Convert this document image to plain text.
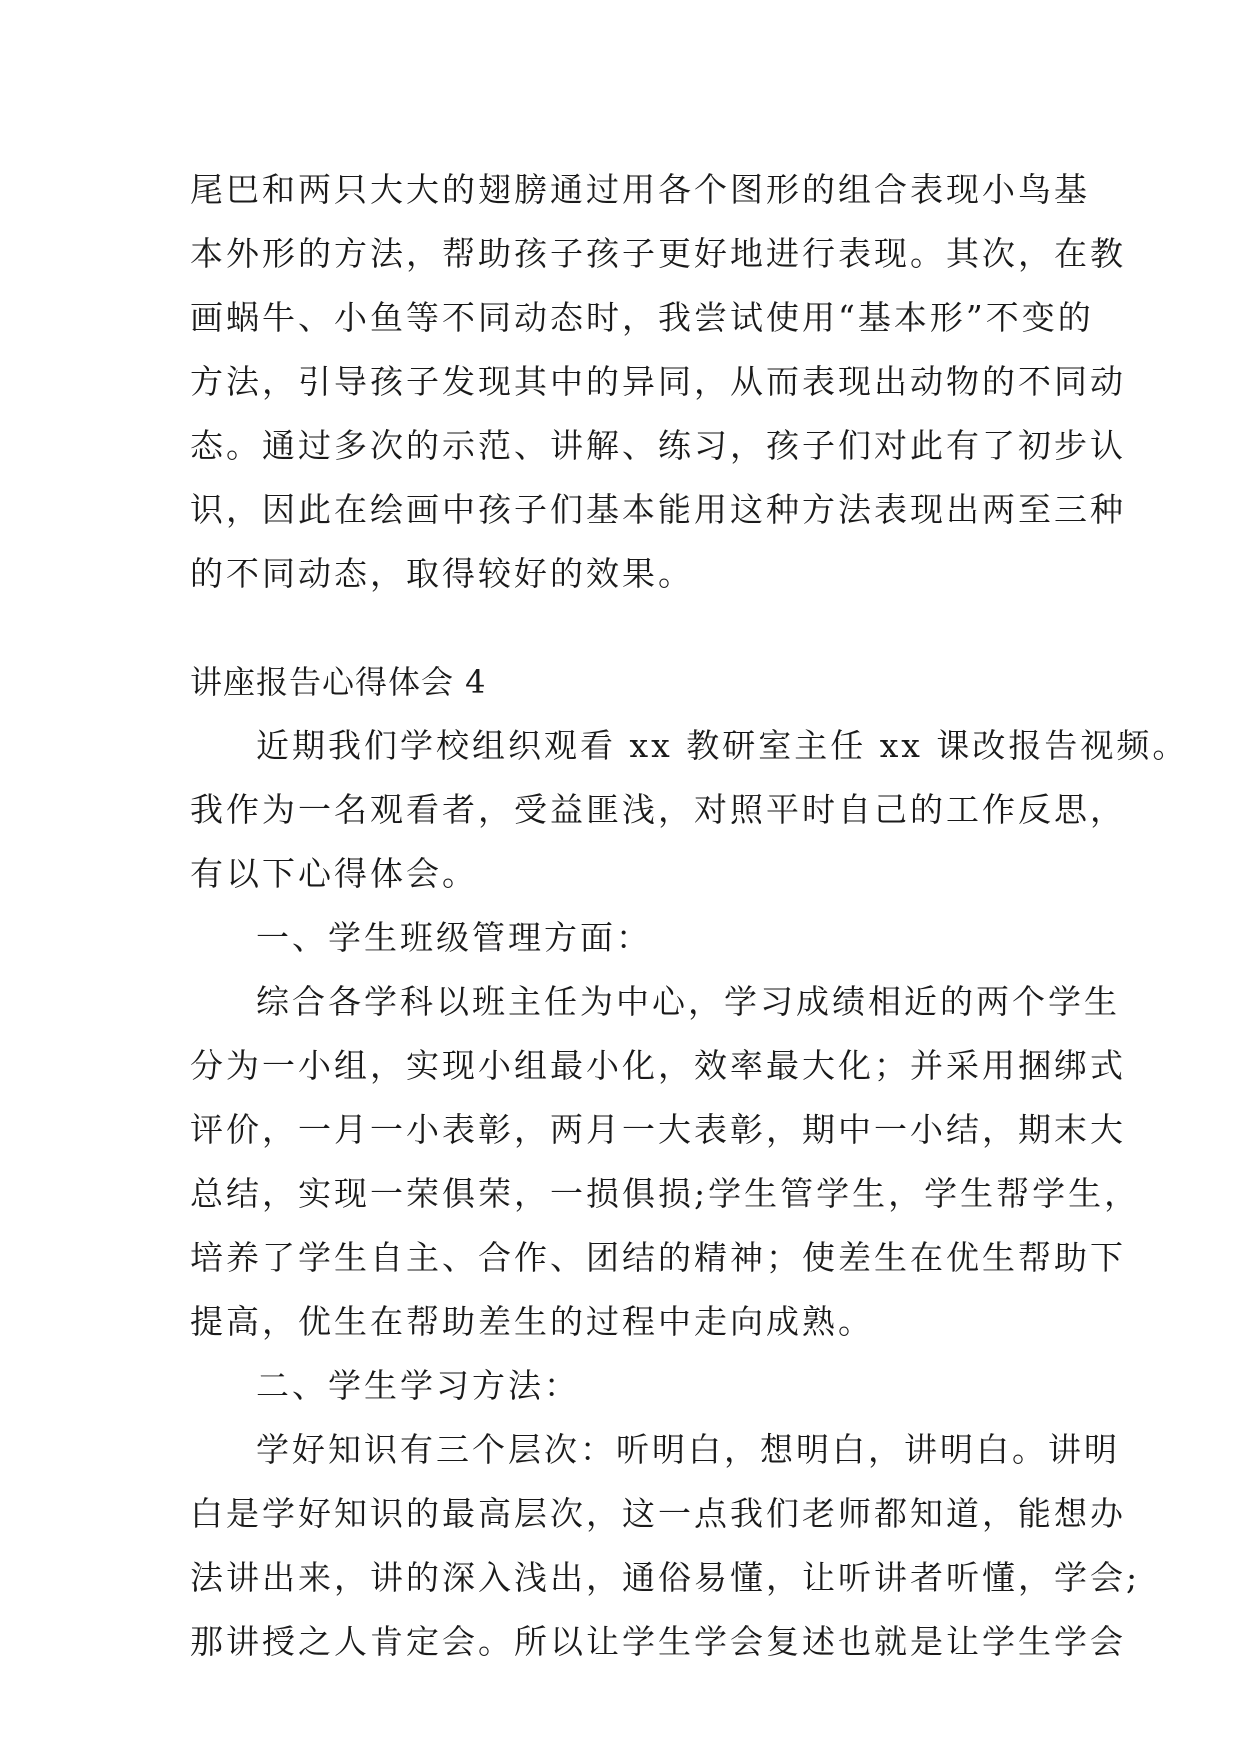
尾巴和两只大大的翅膀通过用各个图形的组合表现小鸟基
本外形的方法，帮助孩子孩子更好地进行表现。其次，在教
画蜗牛、小鱼等不同动态时，我尝试使用“基本形”不变的
方法，引导孩子发现其中的异同，从而表现出动物的不同动
态。通过多次的示范、讲解、练习，孩子们对此有了初步认
识，因此在绘画中孩子们基本能用这种方法表现出两至三种
的不同动态，取得较好的效果。
讲座报告心得体会 4
近期我们学校组织观看 xx 教研室主任 xx 课改报告视频。
我作为一名观看者，受益匪浅，对照平时自己的工作反思，
有以下心得体会。
一、学生班级管理方面：
综合各学科以班主任为中心，学习成绩相近的两个学生
分为一小组，实现小组最小化，效率最大化；并采用捆绑式
评价，一月一小表彰，两月一大表彰，期中一小结，期末大
总结，实现一荣俱荣，一损俱损;学生管学生，学生帮学生，
培养了学生自主、合作、团结的精神；使差生在优生帮助下
提高，优生在帮助差生的过程中走向成熟。
二、学生学习方法：
学好知识有三个层次：听明白，想明白，讲明白。讲明
白是学好知识的最高层次，这一点我们老师都知道，能想办
法讲出来，讲的深入浅出，通俗易懂，让听讲者听懂，学会;
那讲授之人肯定会。所以让学生学会复述也就是让学生学会
